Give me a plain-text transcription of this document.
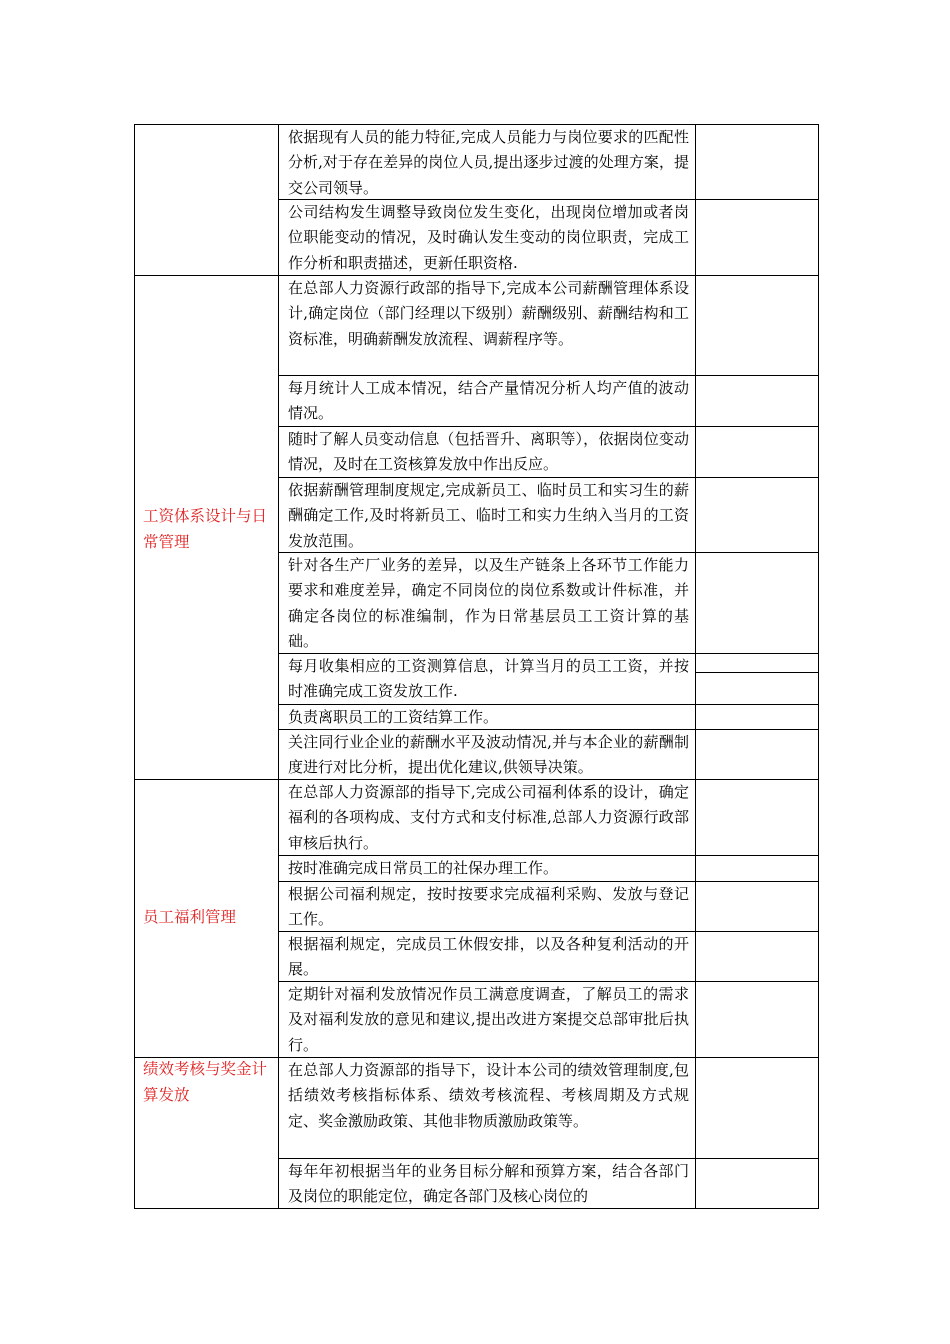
工资体系设计与日常管理
员工福利管理
绩效考核与奖金计算发放
依据现有人员的能力特征,完成人员能力与岗位要求的匹配性分析,对于存在差异的岗位人员,提出逐步过渡的处理方案，提交公司领导。
公司结构发生调整导致岗位发生变化，出现岗位增加或者岗位职能变动的情况，及时确认发生变动的岗位职责，完成工作分析和职责描述，更新任职资格.
在总部人力资源行政部的指导下,完成本公司薪酬管理体系设计,确定岗位（部门经理以下级别）薪酬级别、薪酬结构和工资标准，明确薪酬发放流程、调薪程序等。
每月统计人工成本情况，结合产量情况分析人均产值的波动情况。
随时了解人员变动信息（包括晋升、离职等），依据岗位变动情况，及时在工资核算发放中作出反应。
依据薪酬管理制度规定,完成新员工、临时员工和实习生的薪酬确定工作,及时将新员工、临时工和实力生纳入当月的工资发放范围。
针对各生产厂业务的差异，以及生产链条上各环节工作能力要求和难度差异，确定不同岗位的岗位系数或计件标准，并确定各岗位的标准编制，作为日常基层员工工资计算的基础。
每月收集相应的工资测算信息，计算当月的员工工资，并按时准确完成工资发放工作.
负责离职员工的工资结算工作。
关注同行业企业的薪酬水平及波动情况,并与本企业的薪酬制度进行对比分析，提出优化建议,供领导决策。
在总部人力资源部的指导下,完成公司福利体系的设计，确定福利的各项构成、支付方式和支付标准,总部人力资源行政部审核后执行。
按时准确完成日常员工的社保办理工作。
根据公司福利规定，按时按要求完成福利采购、发放与登记工作。
根据福利规定，完成员工休假安排，以及各种复利活动的开展。
定期针对福利发放情况作员工满意度调查，了解员工的需求及对福利发放的意见和建议,提出改进方案提交总部审批后执行。
在总部人力资源部的指导下，设计本公司的绩效管理制度,包括绩效考核指标体系、绩效考核流程、考核周期及方式规定、奖金激励政策、其他非物质激励政策等。
每年年初根据当年的业务目标分解和预算方案，结合各部门及岗位的职能定位，确定各部门及核心岗位的
